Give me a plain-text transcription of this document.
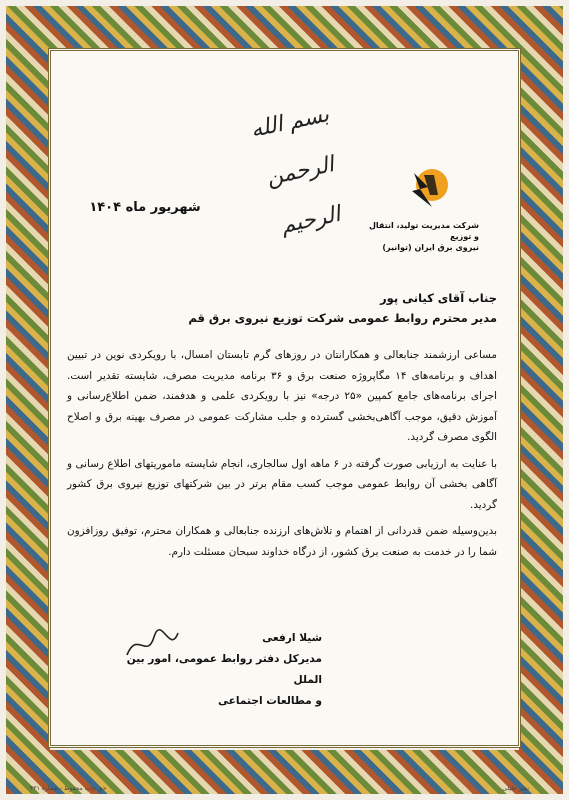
بسم الله الرحمن الرحیم
شهریور ماه ۱۴۰۴
شرکت مدیریت تولید، انتقال و توزیع
نیروی برق ایران (توانیر)
جناب آقای کیانی پور
مدیر محترم روابط عمومی شرکت توزیع نیروی برق قم

مساعی ارزشمند جنابعالی و همکارانتان در روزهای گرم تابستان امسال، با رویکردی نوین در تبیین اهداف و برنامه‌های ۱۴ مگاپروژه صنعت برق و ۳۶ برنامه مدیریت مصرف، شایسته تقدیر است. اجرای برنامه‌های جامع کمپین «۲۵ درجه» نیز با رویکردی علمی و هدفمند، ضمن اطلاع‌رسانی و آموزش دقیق، موجب آگاهی‌بخشی گسترده و جلب مشارکت عمومی در مصرف بهینه برق و اصلاح الگوی مصرف گردید.

با عنایت به ارزیابی صورت گرفته در ۶ ماهه اول سالجاری، انجام شایسته ماموریتهای اطلاع رسانی و آگاهی بخشی آن روابط عمومی موجب کسب مقام برتر در بین شرکتهای توزیع نیروی برق کشور گردید.

بدین‌وسیله ضمن قدردانی از اهتمام و تلاش‌های ارزنده جنابعالی و همکاران محترم، توفیق روزافزون شما را در خدمت به صنعت برق کشور، از درگاه خداوند سبحان مسئلت دارم.

شیلا ارفعی
مدیرکل دفتر روابط عمومی، امور بین الملل
و مطالعات اجتماعی
حق چاپ محفوظ - شماره ۴۳۱	نشر جلیلی
